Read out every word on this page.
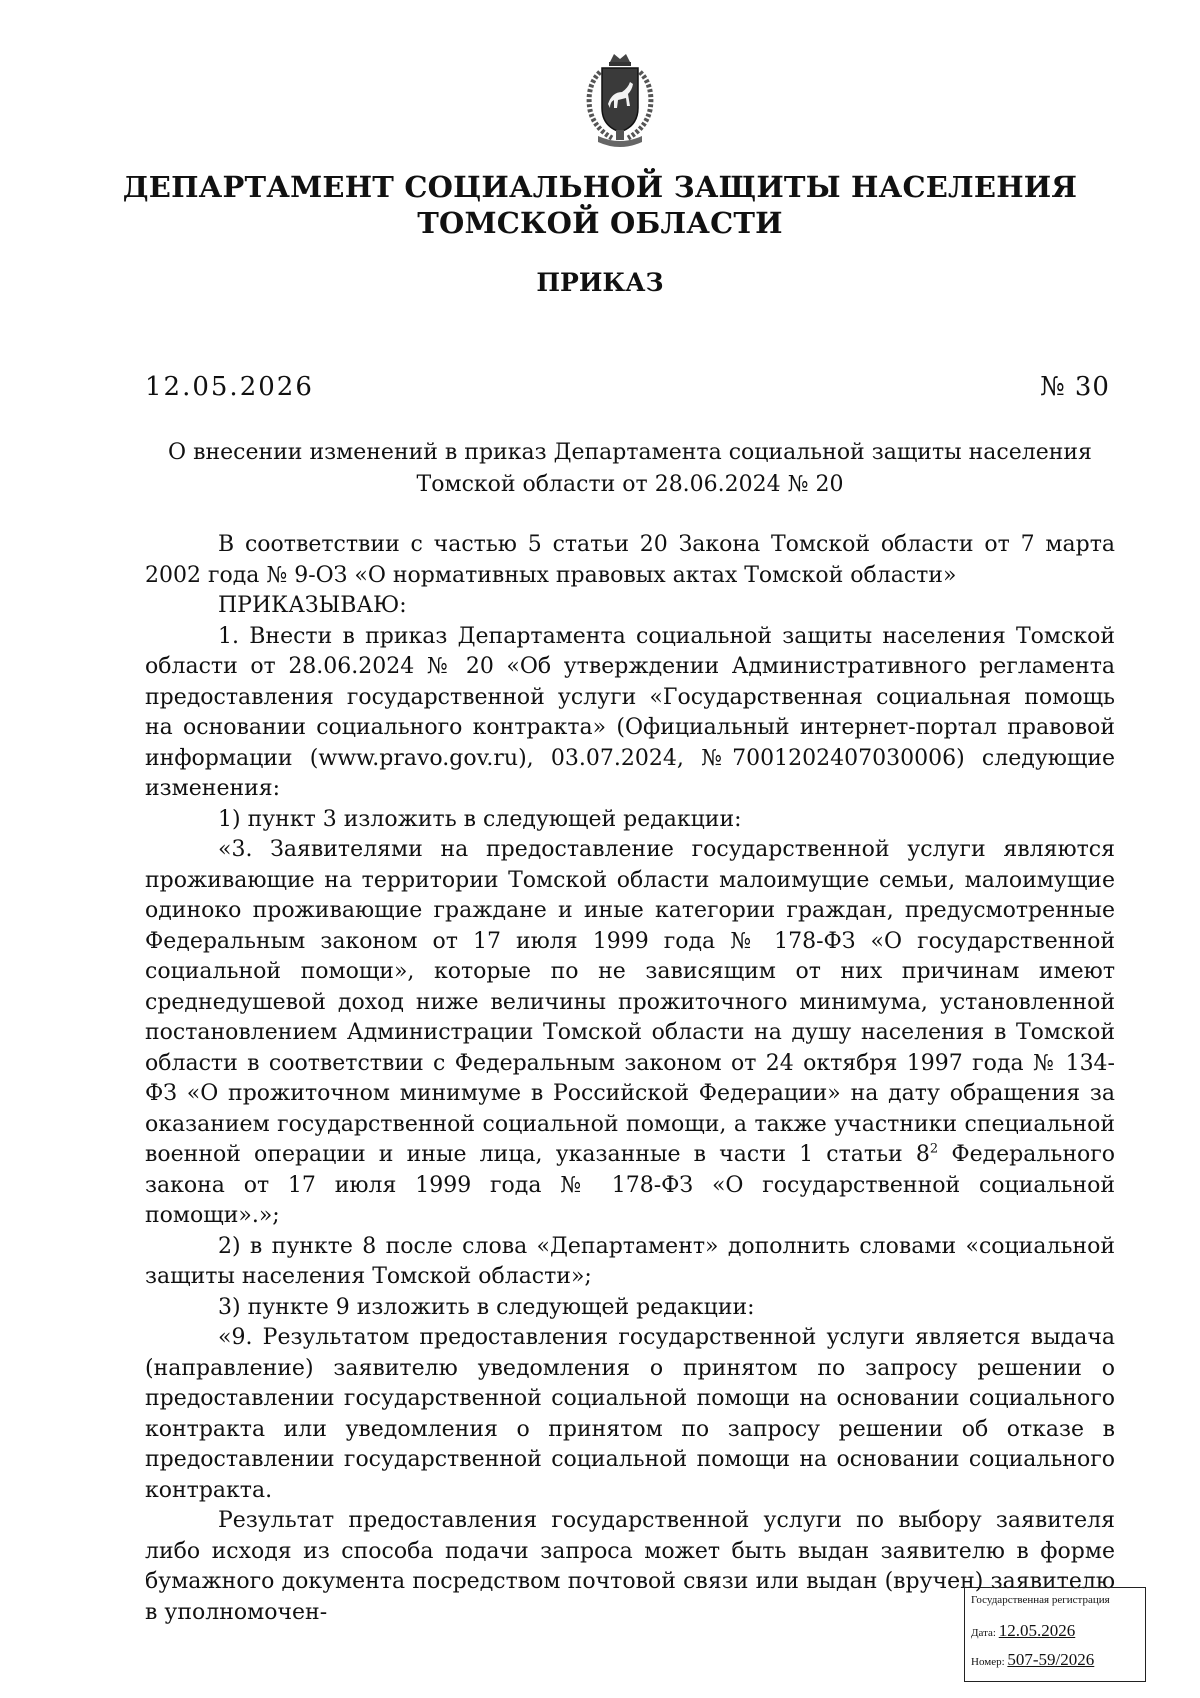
ДЕПАРТАМЕНТ СОЦИАЛЬНОЙ ЗАЩИТЫ НАСЕЛЕНИЯ
ТОМСКОЙ ОБЛАСТИ
ПРИКАЗ
12.05.2026	№ 30
О внесении изменений в приказ Департамента социальной защиты населения
Томской области от 28.06.2024 № 20

В соответствии с частью 5 статьи 20 Закона Томской области от 7 марта 2002 года № 9-ОЗ «О нормативных правовых актах Томской области»

ПРИКАЗЫВАЮ:

1. Внести в приказ Департамента социальной защиты населения Томской области от 28.06.2024 № 20 «Об утверждении Административного регламента предоставления государственной услуги «Государственная социальная помощь на основании социального контракта» (Официальный интернет-портал правовой информации (www.pravo.gov.ru), 03.07.2024, №7001202407030006) следующие изменения:

1) пункт 3 изложить в следующей редакции:

«3. Заявителями на предоставление государственной услуги являются проживающие на территории Томской области малоимущие семьи, малоимущие одиноко проживающие граждане и иные категории граждан, предусмотренные Федеральным законом от 17 июля 1999 года № 178-ФЗ «О государственной социальной помощи», которые по не зависящим от них причинам имеют среднедушевой доход ниже величины прожиточного минимума, установленной постановлением Администрации Томской области на душу населения в Томской области в соответствии с Федеральным законом от 24 октября 1997 года № 134-ФЗ «О прожиточном минимуме в Российской Федерации» на дату обращения за оказанием государственной социальной помощи, а также участники специальной военной операции и иные лица, указанные в части 1 статьи $8^2$ Федерального закона от 17 июля 1999 года № 178-ФЗ «О государственной социальной помощи».»;

2) в пункте 8 после слова «Департамент» дополнить словами «социальной защиты населения Томской области»;

3) пункте 9 изложить в следующей редакции:

«9. Результатом предоставления государственной услуги является выдача (направление) заявителю уведомления о принятом по запросу решении о предоставлении государственной социальной помощи на основании социального контракта или уведомления о принятом по запросу решении об отказе в предоставлении государственной социальной помощи на основании социального контракта.

Результат предоставления государственной услуги по выбору заявителя либо исходя из способа подачи запроса может быть выдан заявителю в форме бумажного документа посредством почтовой связи или выдан (вручен) заявителю в уполномочен-	Государственная регистрация
Дата: 12.05.2026
Номер: 507-59/2026
